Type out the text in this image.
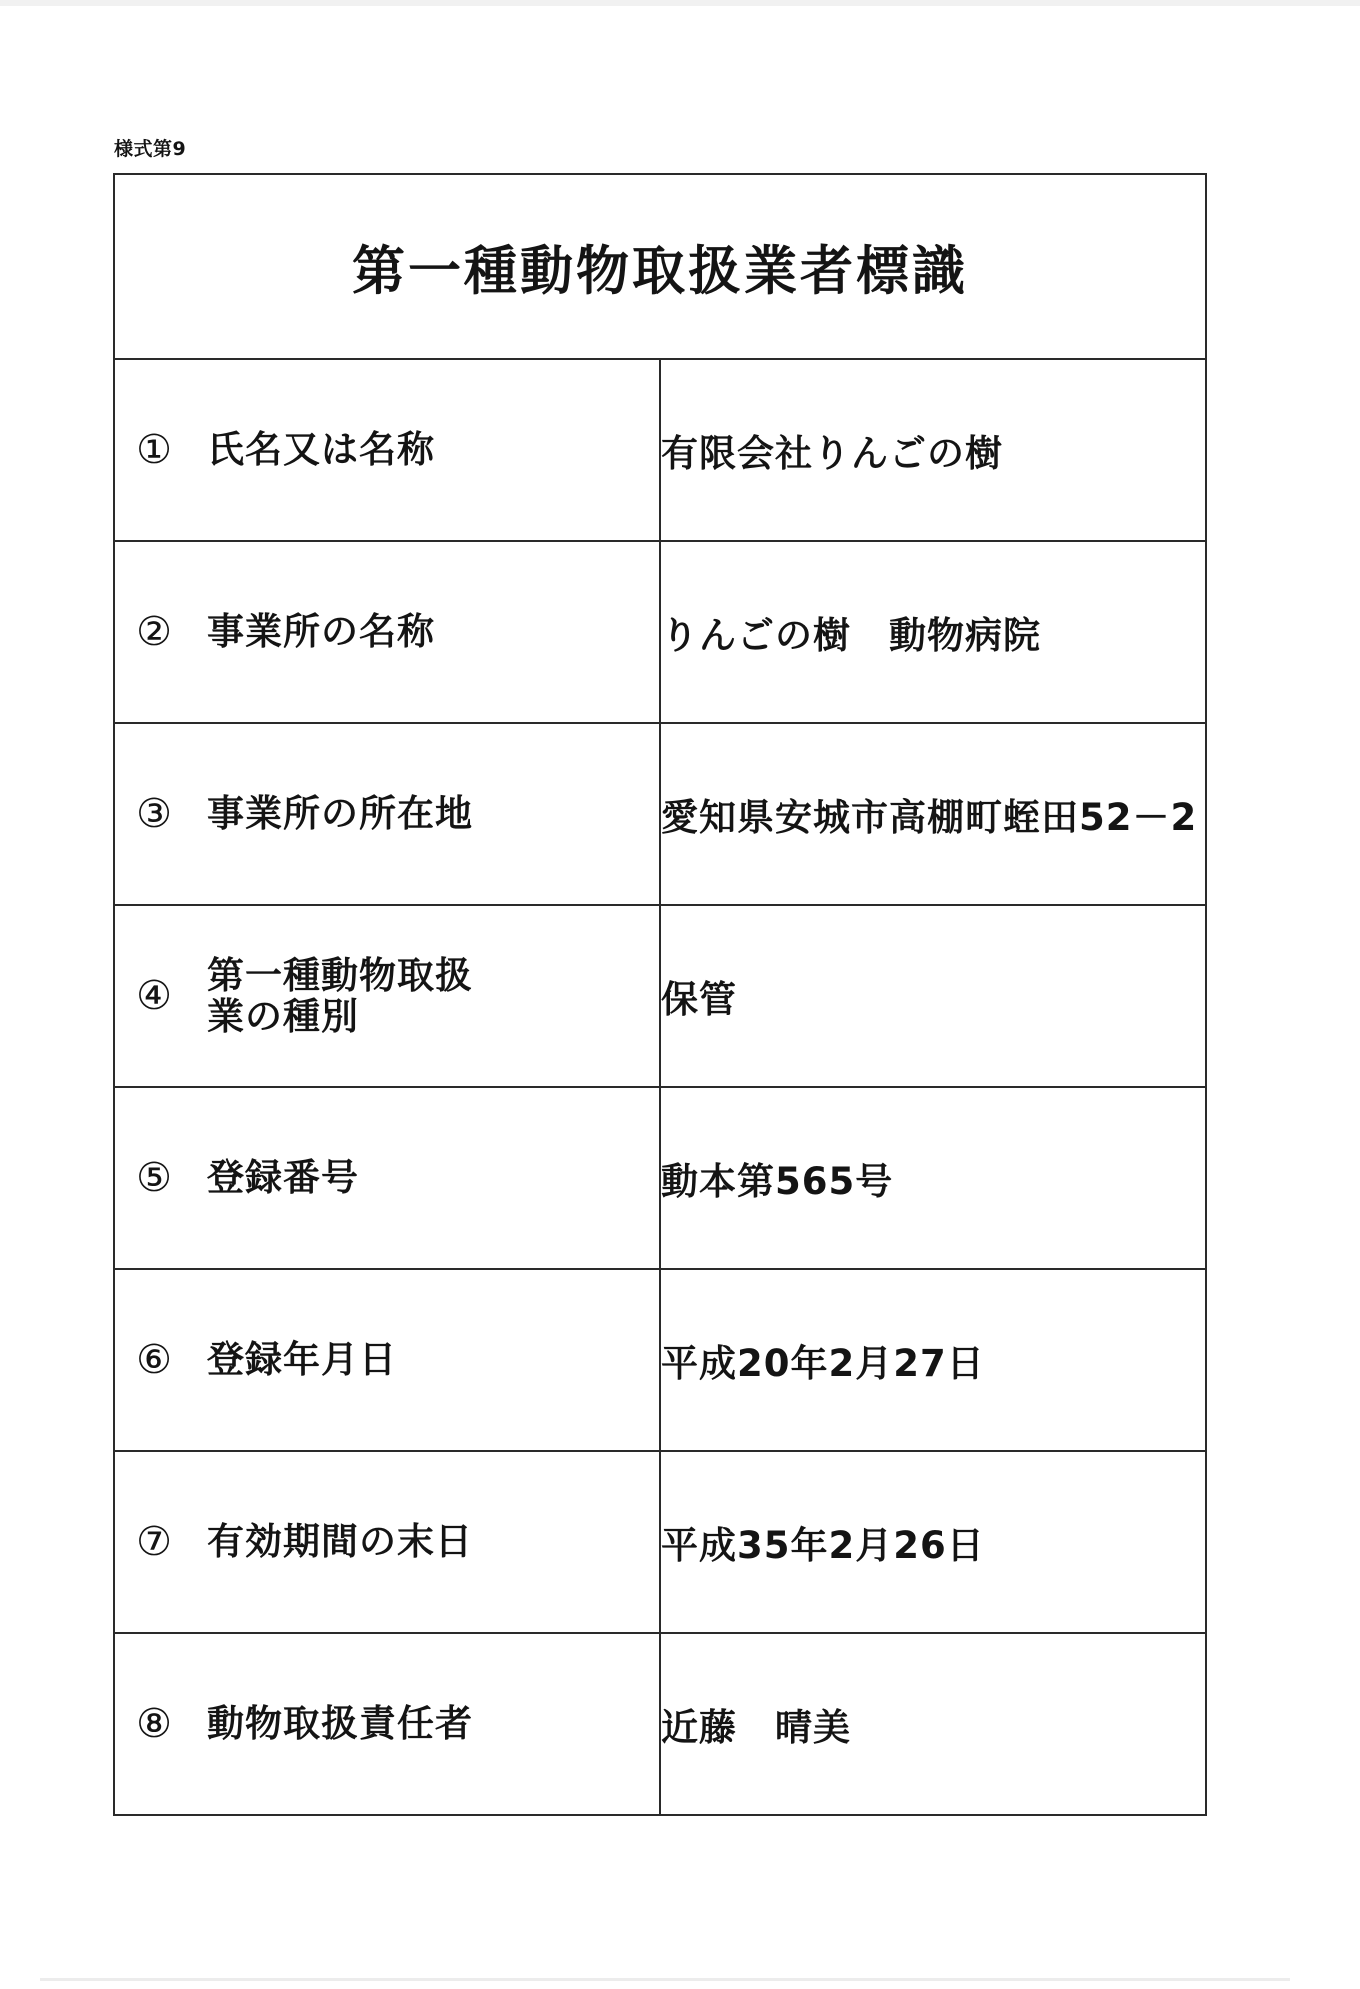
様式第9
第一種動物取扱業者標識	

① 氏名又は名称	有限会社りんごの樹

② 事業所の名称	りんごの樹　動物病院

③ 事業所の所在地	愛知県安城市高棚町蛭田52－2

④ 第一種動物取扱
業の種別	保管

⑤ 登録番号	動本第565号

⑥ 登録年月日	平成20年2月27日

⑦ 有効期間の末日	平成35年2月26日

⑧ 動物取扱責任者	近藤　晴美
